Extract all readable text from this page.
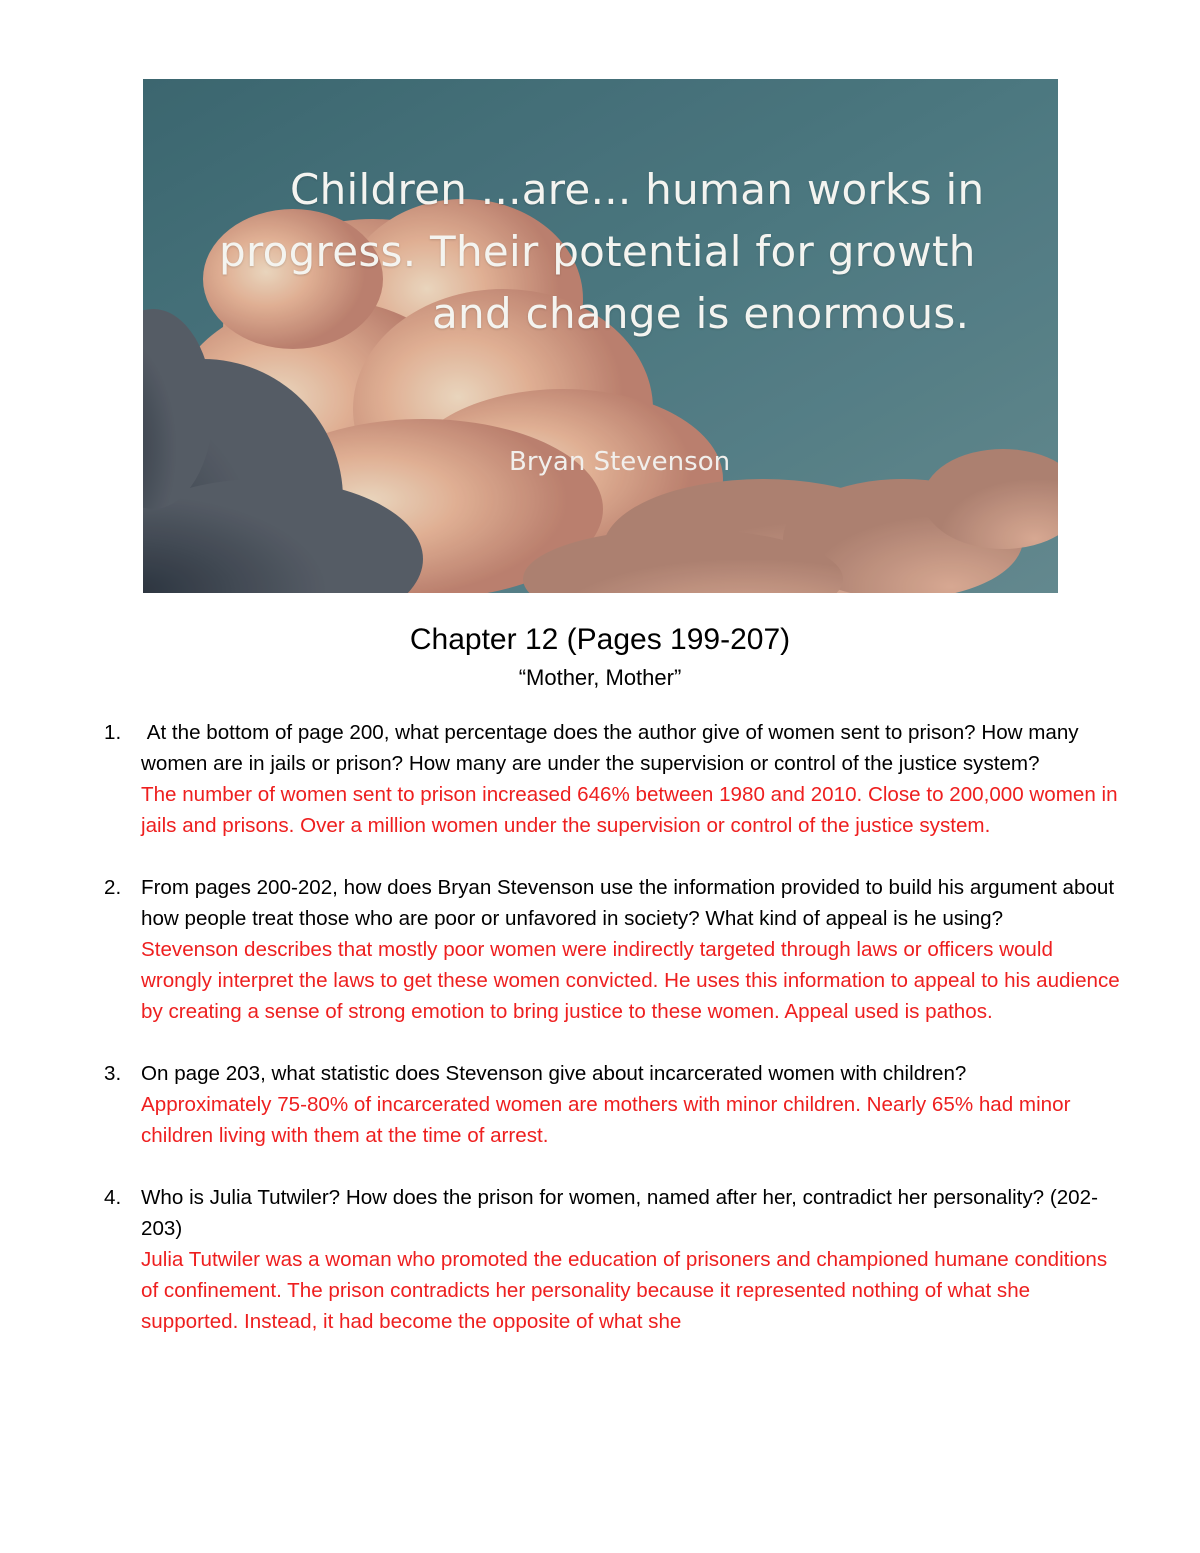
Children ...are... human works in
progress. Their potential for growth
and change is enormous.
Bryan Stevenson
Chapter 12 (Pages 199-207)
“Mother, Mother”
1. At the bottom of page 200, what percentage does the author give of women sent to prison? How many women are in jails or prison? How many are under the supervision or control of the justice system?
The number of women sent to prison increased 646% between 1980 and 2010. Close to 200,000 women in jails and prisons. Over a million women under the supervision or control of the justice system.
2. From pages 200-202, how does Bryan Stevenson use the information provided to build his argument about how people treat those who are poor or unfavored in society? What kind of appeal is he using?
Stevenson describes that mostly poor women were indirectly targeted through laws or officers would wrongly interpret the laws to get these women convicted. He uses this information to appeal to his audience by creating a sense of strong emotion to bring justice to these women. Appeal used is pathos.
3. On page 203, what statistic does Stevenson give about incarcerated women with children?
Approximately 75-80% of incarcerated women are mothers with minor children. Nearly 65% had minor children living with them at the time of arrest.
4. Who is Julia Tutwiler? How does the prison for women, named after her, contradict her personality? (202-203)
Julia Tutwiler was a woman who promoted the education of prisoners and championed humane conditions of confinement. The prison contradicts her personality because it represented nothing of what she supported. Instead, it had become the opposite of what she
